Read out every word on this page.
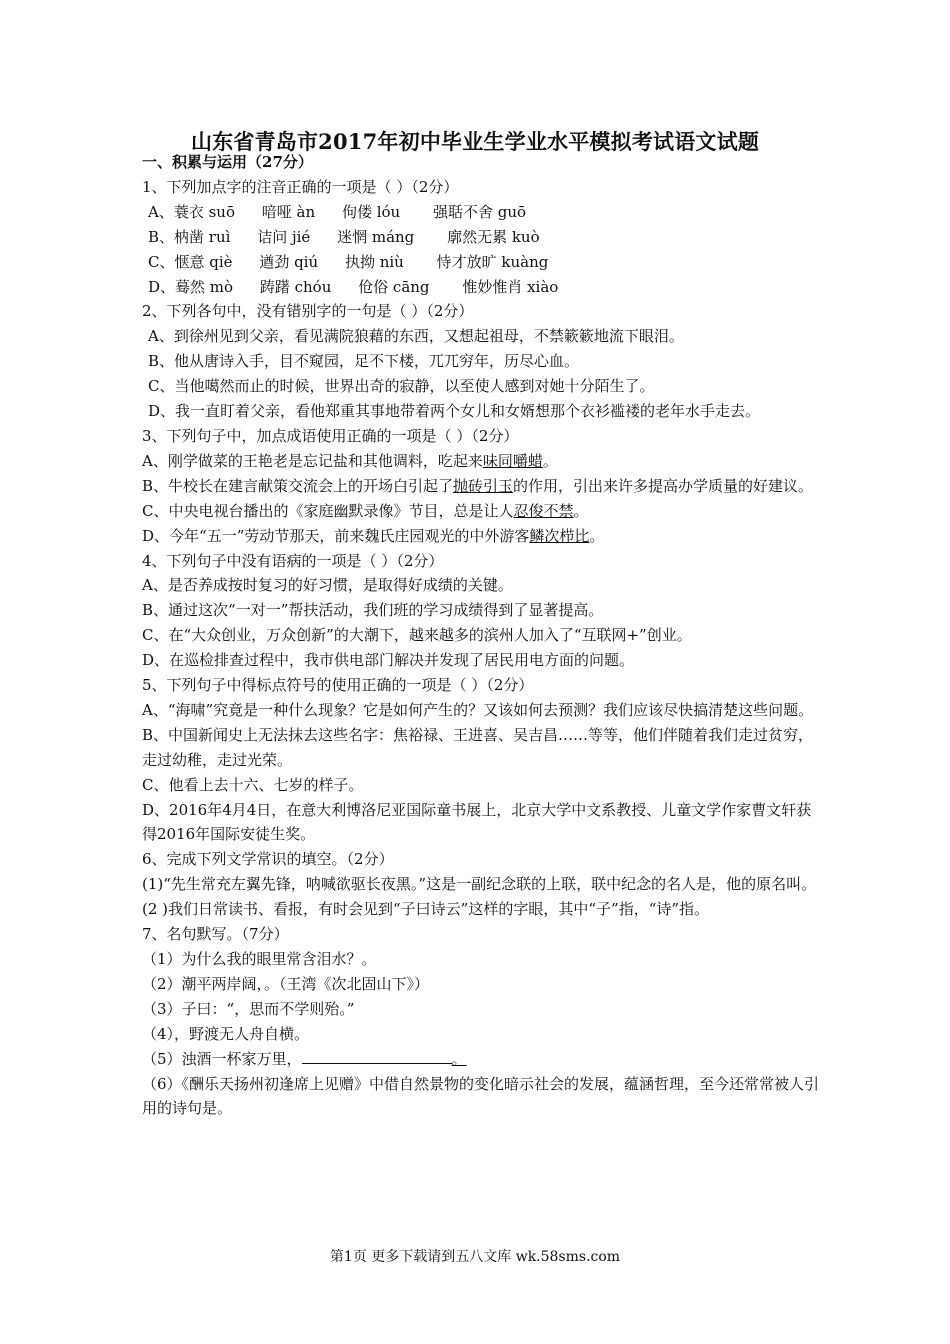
山东省青岛市2017年初中毕业生学业水平模拟考试语文试题
一、积累与运用（27分）
1、下列加点字的注音正确的一项是（ ）（2分）
A、蓑衣 suō 喑哑 àn 佝偻 lóu 强聒不舍 guō
B、枘凿 ruì 诘问 jié 迷惘 máng 廓然无累 kuò
C、惬意 qiè 遒劲 qiú 执拗 niù 恃才放旷 kuàng
D、蓦然 mò 踌躇 chóu 伧俗 cāng 惟妙惟肖 xiào
2、下列各句中，没有错别字的一句是（ ）（2分）
A、到徐州见到父亲，看见满院狼藉的东西，又想起祖母，不禁簌簌地流下眼泪。
B、他从唐诗入手，目不窥园，足不下楼，兀兀穷年，历尽心血。
C、当他噶然而止的时候，世界出奇的寂静，以至使人感到对她十分陌生了。
D、我一直盯着父亲，看他郑重其事地带着两个女儿和女婿想那个衣衫褴褛的老年水手走去。
3、下列句子中，加点成语使用正确的一项是（ ）（2分）
A、刚学做菜的王艳老是忘记盐和其他调料，吃起来味同嚼蜡。
B、牛校长在建言献策交流会上的开场白引起了抛砖引玉的作用，引出来许多提高办学质量的好建议。
C、中央电视台播出的《家庭幽默录像》节目，总是让人忍俊不禁。
D、今年“五一”劳动节那天，前来魏氏庄园观光的中外游客鳞次栉比。
4、下列句子中没有语病的一项是（ ）（2分）
A、是否养成按时复习的好习惯，是取得好成绩的关键。
B、通过这次“一对一”帮扶活动，我们班的学习成绩得到了显著提高。
C、在“大众创业，万众创新”的大潮下，越来越多的滨州人加入了“互联网+”创业。
D、在巡检排查过程中，我市供电部门解决并发现了居民用电方面的问题。
5、下列句子中得标点符号的使用正确的一项是（ ）（2分）
A、“海啸”究竟是一种什么现象？它是如何产生的？又该如何去预测？我们应该尽快搞清楚这些问题。
B、中国新闻史上无法抹去这些名字：焦裕禄、王进喜、吴吉昌……等等，他们伴随着我们走过贫穷，走过幼稚，走过光荣。
C、他看上去十六、七岁的样子。
D、2016年4月4日，在意大利博洛尼亚国际童书展上，北京大学中文系教授、儿童文学作家曹文轩获得2016年国际安徒生奖。
6、完成下列文学常识的填空。（2分）
(1)“先生常充左翼先锋，呐喊欲驱长夜黑。”这是一副纪念联的上联，联中纪念的名人是，他的原名叫。
(2 )我们日常读书、看报，有时会见到“子曰诗云”这样的字眼，其中“子”指，“诗”指。
7、名句默写。（7分）
（1）为什么我的眼里常含泪水？。
（2）潮平两岸阔，。（王湾《次北固山下》）
（3）子曰：“，思而不学则殆。”
（4），野渡无人舟自横。
（5）浊酒一杯家万里，	。
（6）《酬乐天扬州初逢席上见赠》中借自然景物的变化暗示社会的发展，蕴涵哲理，至今还常常被人引用的诗句是。
第1页 更多下载请到五八文库 wk.58sms.com
